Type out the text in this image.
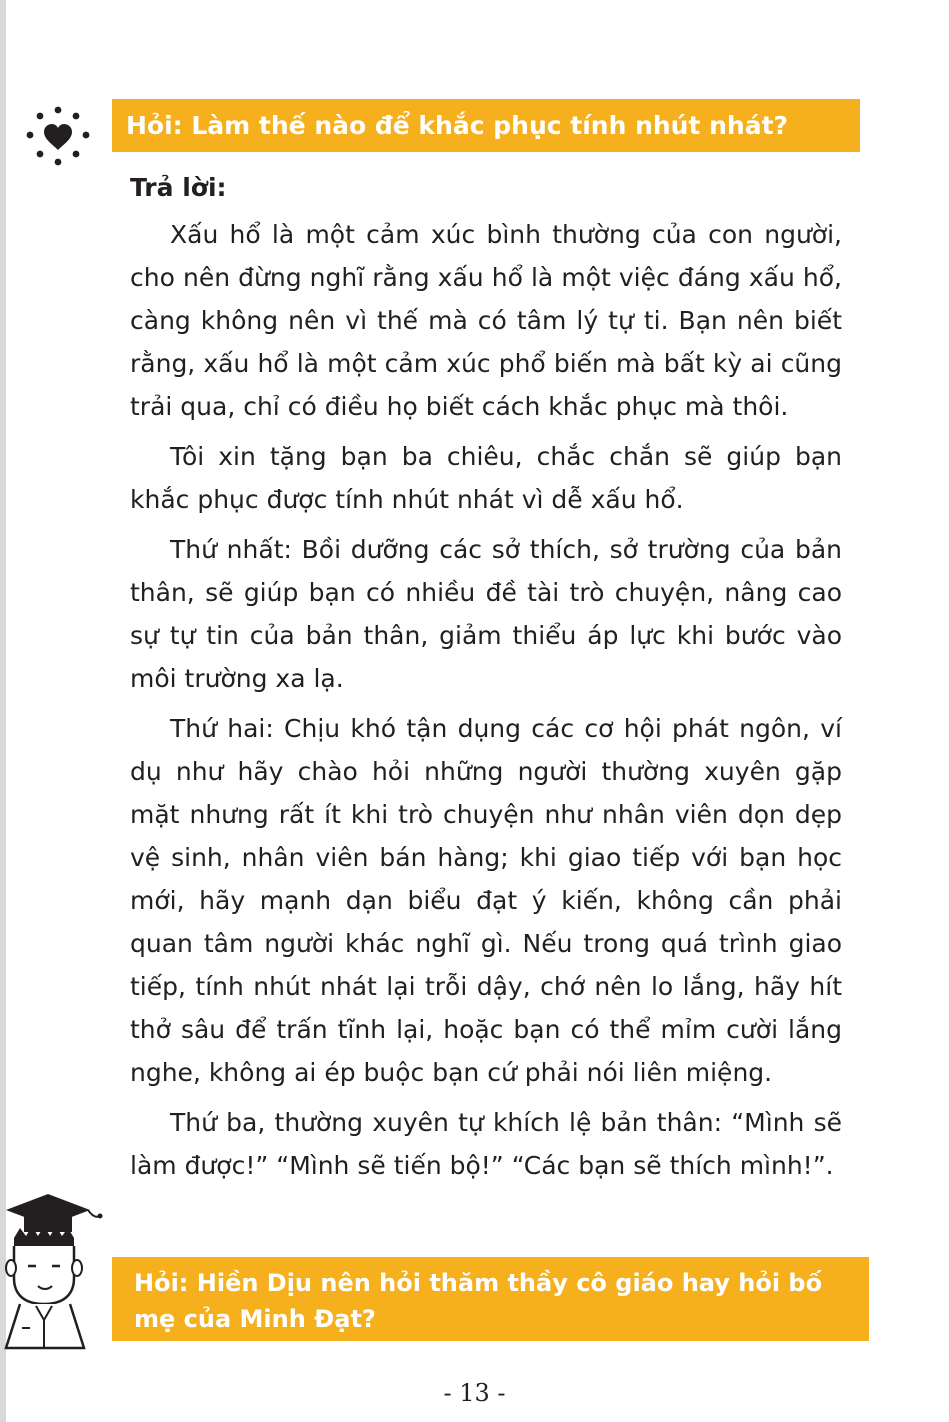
Hỏi: Làm thế nào để khắc phục tính nhút nhát?
Trả lời:

Xấu hổ là một cảm xúc bình thường của con người, cho nên đừng nghĩ rằng xấu hổ là một việc đáng xấu hổ, càng không nên vì thế mà có tâm lý tự ti. Bạn nên biết rằng, xấu hổ là một cảm xúc phổ biến mà bất kỳ ai cũng trải qua, chỉ có điều họ biết cách khắc phục mà thôi.

Tôi xin tặng bạn ba chiêu, chắc chắn sẽ giúp bạn khắc phục được tính nhút nhát vì dễ xấu hổ.

Thứ nhất: Bồi dưỡng các sở thích, sở trường của bản thân, sẽ giúp bạn có nhiều đề tài trò chuyện, nâng cao sự tự tin của bản thân, giảm thiểu áp lực khi bước vào môi trường xa lạ.

Thứ hai: Chịu khó tận dụng các cơ hội phát ngôn, ví dụ như hãy chào hỏi những người thường xuyên gặp mặt nhưng rất ít khi trò chuyện như nhân viên dọn dẹp vệ sinh, nhân viên bán hàng; khi giao tiếp với bạn học mới, hãy mạnh dạn biểu đạt ý kiến, không cần phải quan tâm người khác nghĩ gì. Nếu trong quá trình giao tiếp, tính nhút nhát lại trỗi dậy, chớ nên lo lắng, hãy hít thở sâu để trấn tĩnh lại, hoặc bạn có thể mỉm cười lắng nghe, không ai ép buộc bạn cứ phải nói liên miệng.

Thứ ba, thường xuyên tự khích lệ bản thân: “Mình sẽ làm được!” “Mình sẽ tiến bộ!” “Các bạn sẽ thích mình!”.

Hỏi: Hiền Dịu nên hỏi thăm thầy cô giáo hay hỏi bố mẹ của Minh Đạt?
- 13 -
